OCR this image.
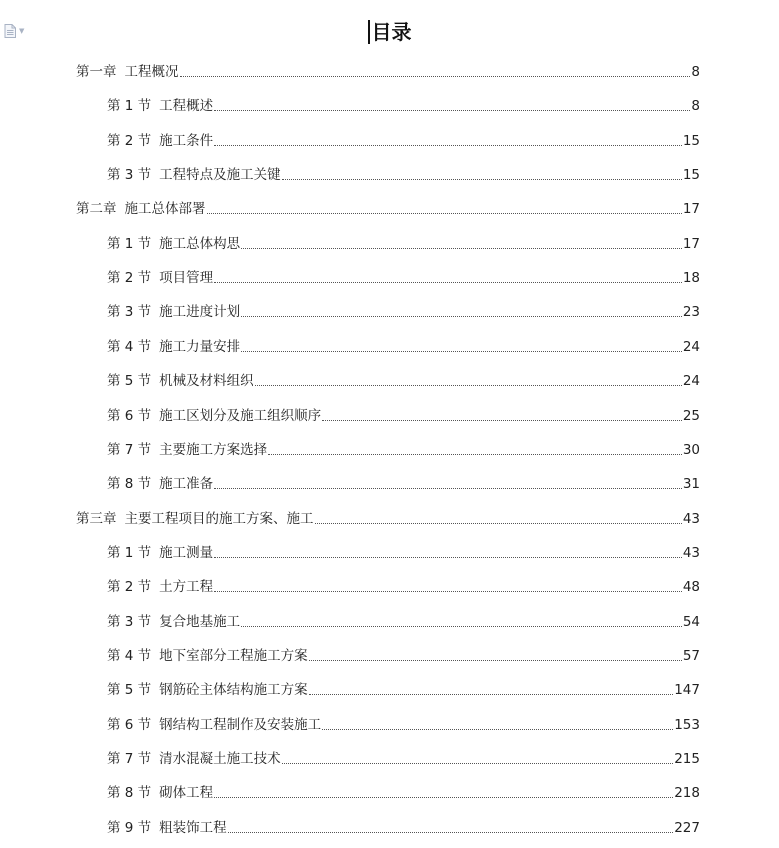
▼	目录
第一章 工程概况	8
第 1 节 工程概述	8
第 2 节 施工条件	15
第 3 节 工程特点及施工关键	15
第二章 施工总体部署	17
第 1 节 施工总体构思	17
第 2 节 项目管理	18
第 3 节 施工进度计划	23
第 4 节 施工力量安排	24
第 5 节 机械及材料组织	24
第 6 节 施工区划分及施工组织顺序	25
第 7 节 主要施工方案选择	30
第 8 节 施工准备	31
第三章 主要工程项目的施工方案、施工	43
第 1 节 施工测量	43
第 2 节 土方工程	48
第 3 节 复合地基施工	54
第 4 节 地下室部分工程施工方案	57
第 5 节 钢筋砼主体结构施工方案	147
第 6 节 钢结构工程制作及安装施工	153
第 7 节 清水混凝土施工技术	215
第 8 节 砌体工程	218
第 9 节 粗装饰工程	227
